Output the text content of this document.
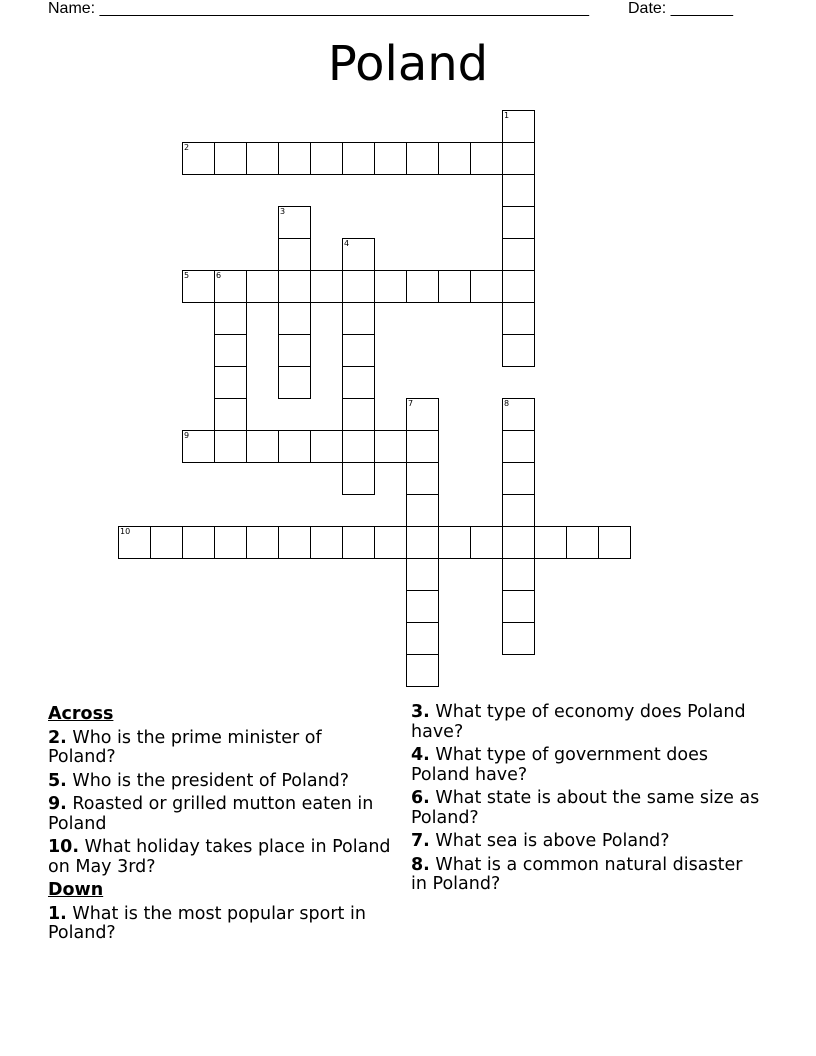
Name: _______________________________________________________ Date: _______
Poland
1
2
3
4
5	6
7	8
9
10
Across
2. Who is the prime minister of Poland?
5. Who is the president of Poland?
9. Roasted or grilled mutton eaten in Poland
10. What holiday takes place in Poland on May 3rd?
Down
1. What is the most popular sport in Poland?
3. What type of economy does Poland have?
4. What type of government does Poland have?
6. What state is about the same size as Poland?
7. What sea is above Poland?
8. What is a common natural disaster in Poland?
